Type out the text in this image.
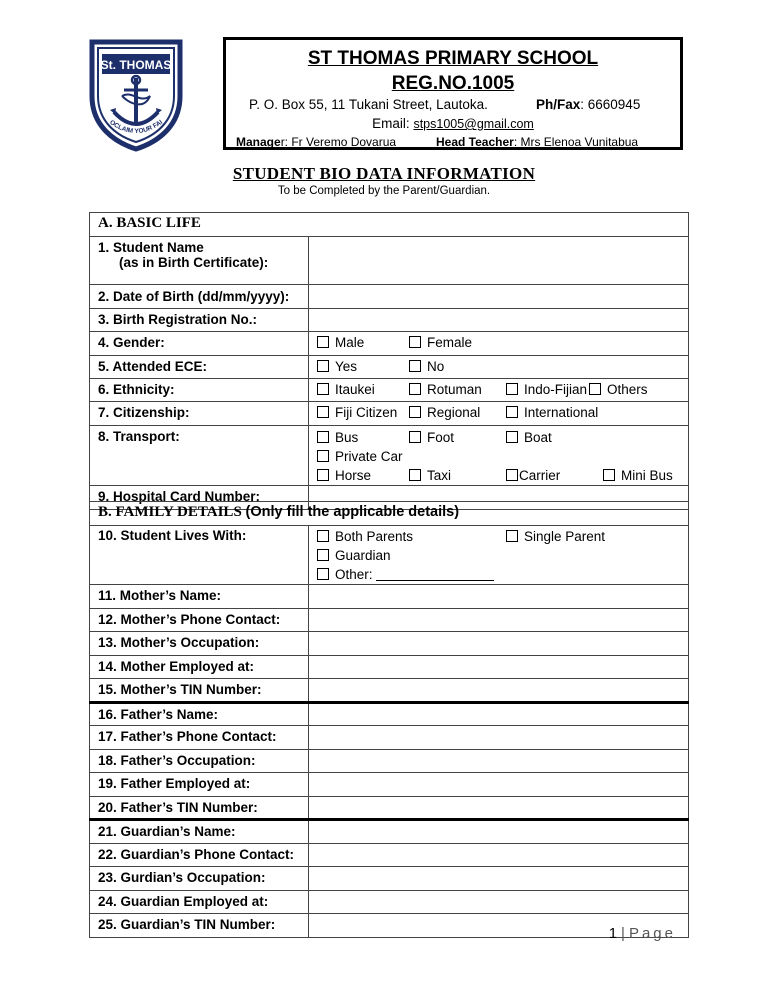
St. THOMAS
OCLAIM YOUR FAI
ST THOMAS PRIMARY SCHOOL
REG.NO.1005
P. O. Box 55, 11 Tukani Street, Lautoka.	Ph/Fax: 6660945
Email: stps1005@gmail.com
Manager: Fr Veremo Dovarua	Head Teacher: Mrs Elenoa Vunitabua
STUDENT BIO DATA INFORMATION
To be Completed by the Parent/Guardian.
A. BASIC LIFE	

1. Student Name
(as in Birth Certificate):	

2. Date of Birth (dd/mm/yyyy):	
3. Birth Registration No.:	
4. Gender:	Male Female
5. Attended ECE:	Yes No
6. Ethnicity:	Itaukei Rotuman Indo-Fijian Others
7. Citizenship:	Fiji Citizen Regional International
8. Transport:	Bus Foot BoatPrivate Car
Horse Taxi Carrier Mini Bus

9. Hospital Card Number:	
B. FAMILY DETAILS (Only fill the applicable details)	
10. Student Lives With:	Both Parents Single Parent
GuardianOther:

11. Mother’s Name:	
12. Mother’s Phone Contact:	
13. Mother’s Occupation:	
14. Mother Employed at:	
15. Mother’s TIN Number:	
16. Father’s Name:	
17. Father’s Phone Contact:	
18. Father’s Occupation:	
19. Father Employed at:	
20. Father’s TIN Number:	
21. Guardian’s Name:	
22. Guardian’s Phone Contact:	
23. Gurdian’s Occupation:	
24. Guardian Employed at:	
25. Guardian’s TIN Number:	
1 | Page
